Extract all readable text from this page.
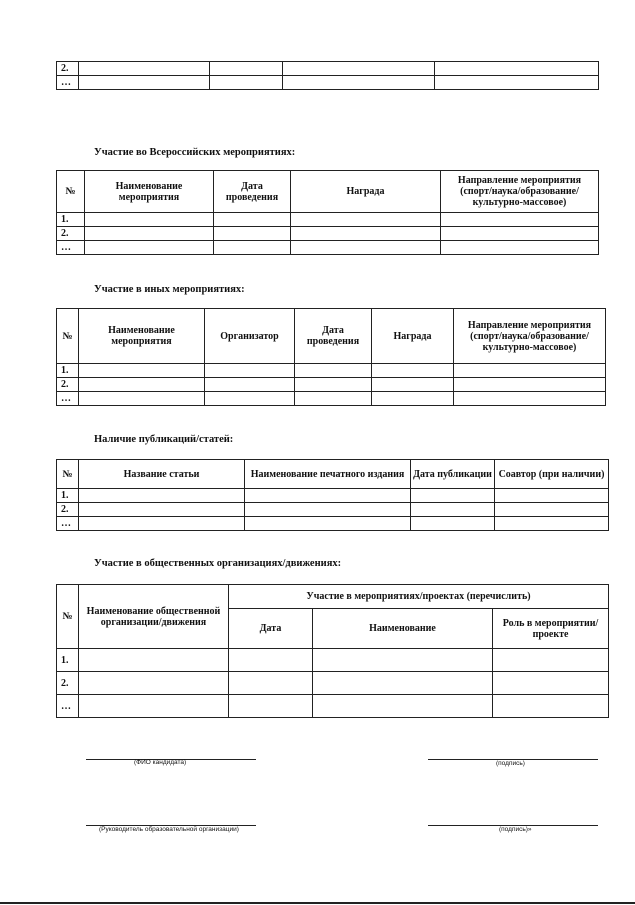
2.				
…				
Участие во Всероссийских мероприятиях:
№	Наименование мероприятия	Дата проведения	Награда	Направление мероприятия (спорт/наука/образование/ культурно-массовое)
1.				
2.				
…				
Участие в иных мероприятиях:
№	Наименование мероприятия	Организатор	Дата проведения	Награда	Направление мероприятия (спорт/наука/образование/ культурно-массовое)
1.					
2.					
…					
Наличие публикаций/статей:
№	Название статьи	Наименование печатного издания	Дата публикации	Соавтор (при наличии)
1.				
2.				
…				
Участие в общественных организациях/движениях:
№	Наименование общественной организации/движения	Участие в мероприятиях/проектах (перечислить)		
		Дата	Наименование	Роль в мероприятии/ проекте
1.				
2.				
…				
(ФИО кандидата)	(подпись)
(Руководитель образовательной организации)	(подпись)»
